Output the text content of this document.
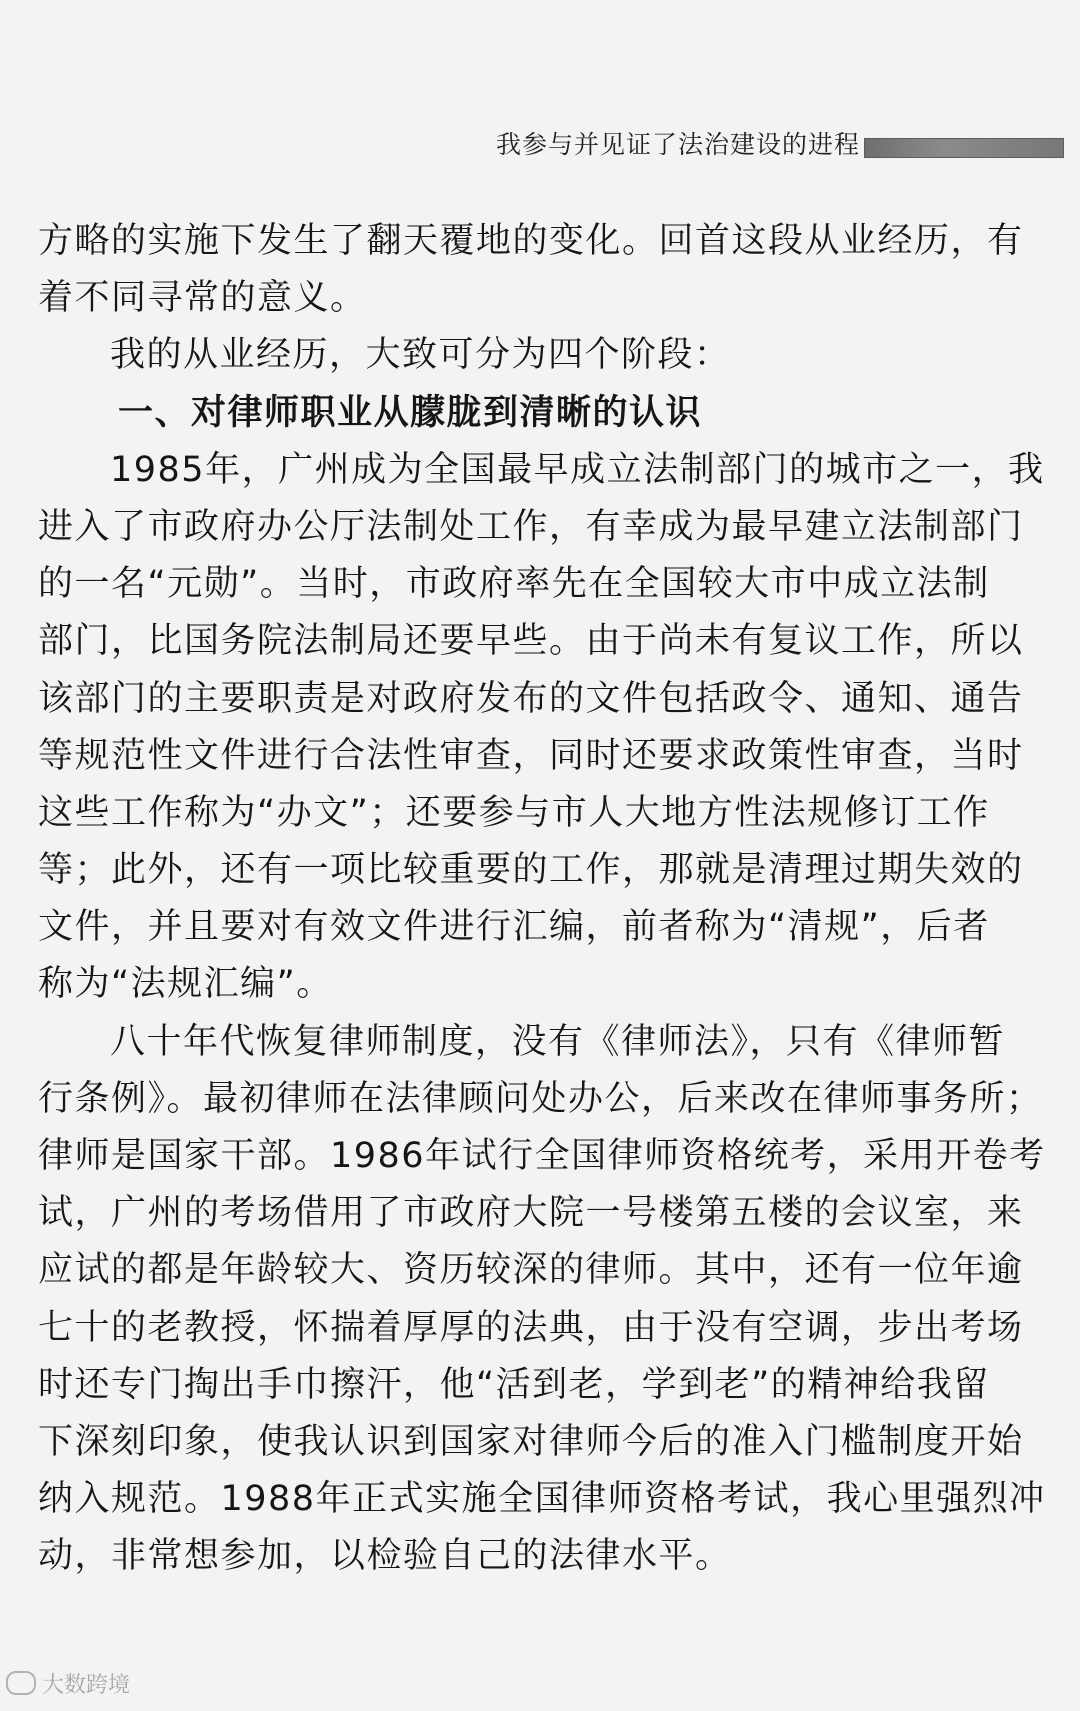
我参与并见证了法治建设的进程
方略的实施下发生了翻天覆地的变化。回首这段从业经历，有
着不同寻常的意义。
我的从业经历，大致可分为四个阶段：
一、对律师职业从朦胧到清晰的认识
1985年，广州成为全国最早成立法制部门的城市之一，我
进入了市政府办公厅法制处工作，有幸成为最早建立法制部门
的一名“元勋”。当时，市政府率先在全国较大市中成立法制
部门，比国务院法制局还要早些。由于尚未有复议工作，所以
该部门的主要职责是对政府发布的文件包括政令、通知、通告
等规范性文件进行合法性审查，同时还要求政策性审查，当时
这些工作称为“办文”；还要参与市人大地方性法规修订工作
等；此外，还有一项比较重要的工作，那就是清理过期失效的
文件，并且要对有效文件进行汇编，前者称为“清规”，后者
称为“法规汇编”。
八十年代恢复律师制度，没有《律师法》，只有《律师暂
行条例》。最初律师在法律顾问处办公，后来改在律师事务所；
律师是国家干部。1986年试行全国律师资格统考，采用开卷考
试，广州的考场借用了市政府大院一号楼第五楼的会议室，来
应试的都是年龄较大、资历较深的律师。其中，还有一位年逾
七十的老教授，怀揣着厚厚的法典，由于没有空调，步出考场
时还专门掏出手巾擦汗，他“活到老，学到老”的精神给我留
下深刻印象，使我认识到国家对律师今后的准入门槛制度开始
纳入规范。1988年正式实施全国律师资格考试，我心里强烈冲
动，非常想参加，以检验自己的法律水平。
大数跨境
